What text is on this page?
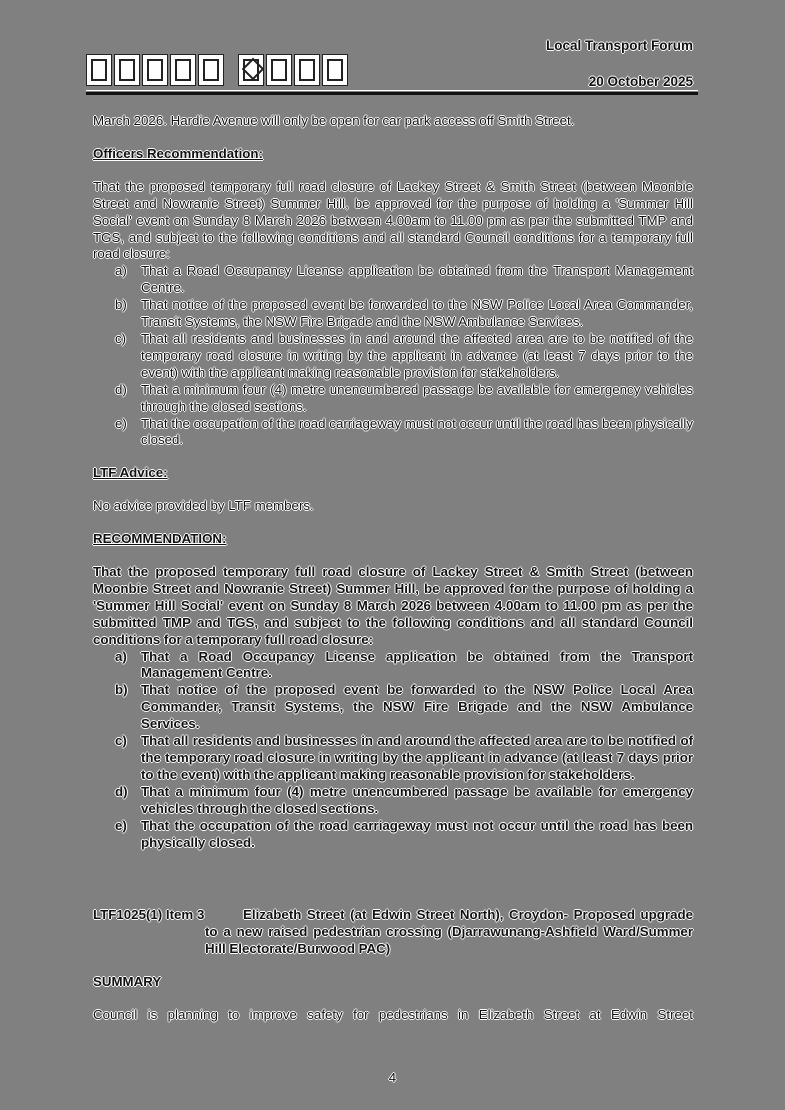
Local Transport Forum
20 October 2025

March 2026. Hardie Avenue will only be open for car park access off Smith Street.

Officers Recommendation:

That the proposed temporary full road closure of Lackey Street & Smith Street (between Moonbie Street and Nowranie Street) Summer Hill, be approved for the purpose of holding a 'Summer Hill Social' event on Sunday 8 March 2026 between 4.00am to 11.00 pm as per the submitted TMP and TGS, and subject to the following conditions and all standard Council conditions for a temporary full road closure:

a) That a Road Occupancy License application be obtained from the Transport Management Centre.
b) That notice of the proposed event be forwarded to the NSW Police Local Area Commander, Transit Systems, the NSW Fire Brigade and the NSW Ambulance Services.
c) That all residents and businesses in and around the affected area are to be notified of the temporary road closure in writing by the applicant in advance (at least 7 days prior to the event) with the applicant making reasonable provision for stakeholders.
d) That a minimum four (4) metre unencumbered passage be available for emergency vehicles through the closed sections.
e) That the occupation of the road carriageway must not occur until the road has been physically closed.

LTF Advice:

No advice provided by LTF members.

RECOMMENDATION:

That the proposed temporary full road closure of Lackey Street & Smith Street (between Moonbie Street and Nowranie Street) Summer Hill, be approved for the purpose of holding a 'Summer Hill Social' event on Sunday 8 March 2026 between 4.00am to 11.00 pm as per the submitted TMP and TGS, and subject to the following conditions and all standard Council conditions for a temporary full road closure:

a) That a Road Occupancy License application be obtained from the Transport Management Centre.
b) That notice of the proposed event be forwarded to the NSW Police Local Area Commander, Transit Systems, the NSW Fire Brigade and the NSW Ambulance Services.
c) That all residents and businesses in and around the affected area are to be notified of the temporary road closure in writing by the applicant in advance (at least 7 days prior to the event) with the applicant making reasonable provision for stakeholders.
d) That a minimum four (4) metre unencumbered passage be available for emergency vehicles through the closed sections.
e) That the occupation of the road carriageway must not occur until the road has been physically closed.
LTF1025(1) Item 3	Elizabeth Street (at Edwin Street North), Croydon- Proposed upgrade to a new raised pedestrian crossing (Djarrawunang-Ashfield Ward/Summer Hill Electorate/Burwood PAC)

SUMMARY

Council is planning to improve safety for pedestrians in Elizabeth Street at Edwin Street

4
